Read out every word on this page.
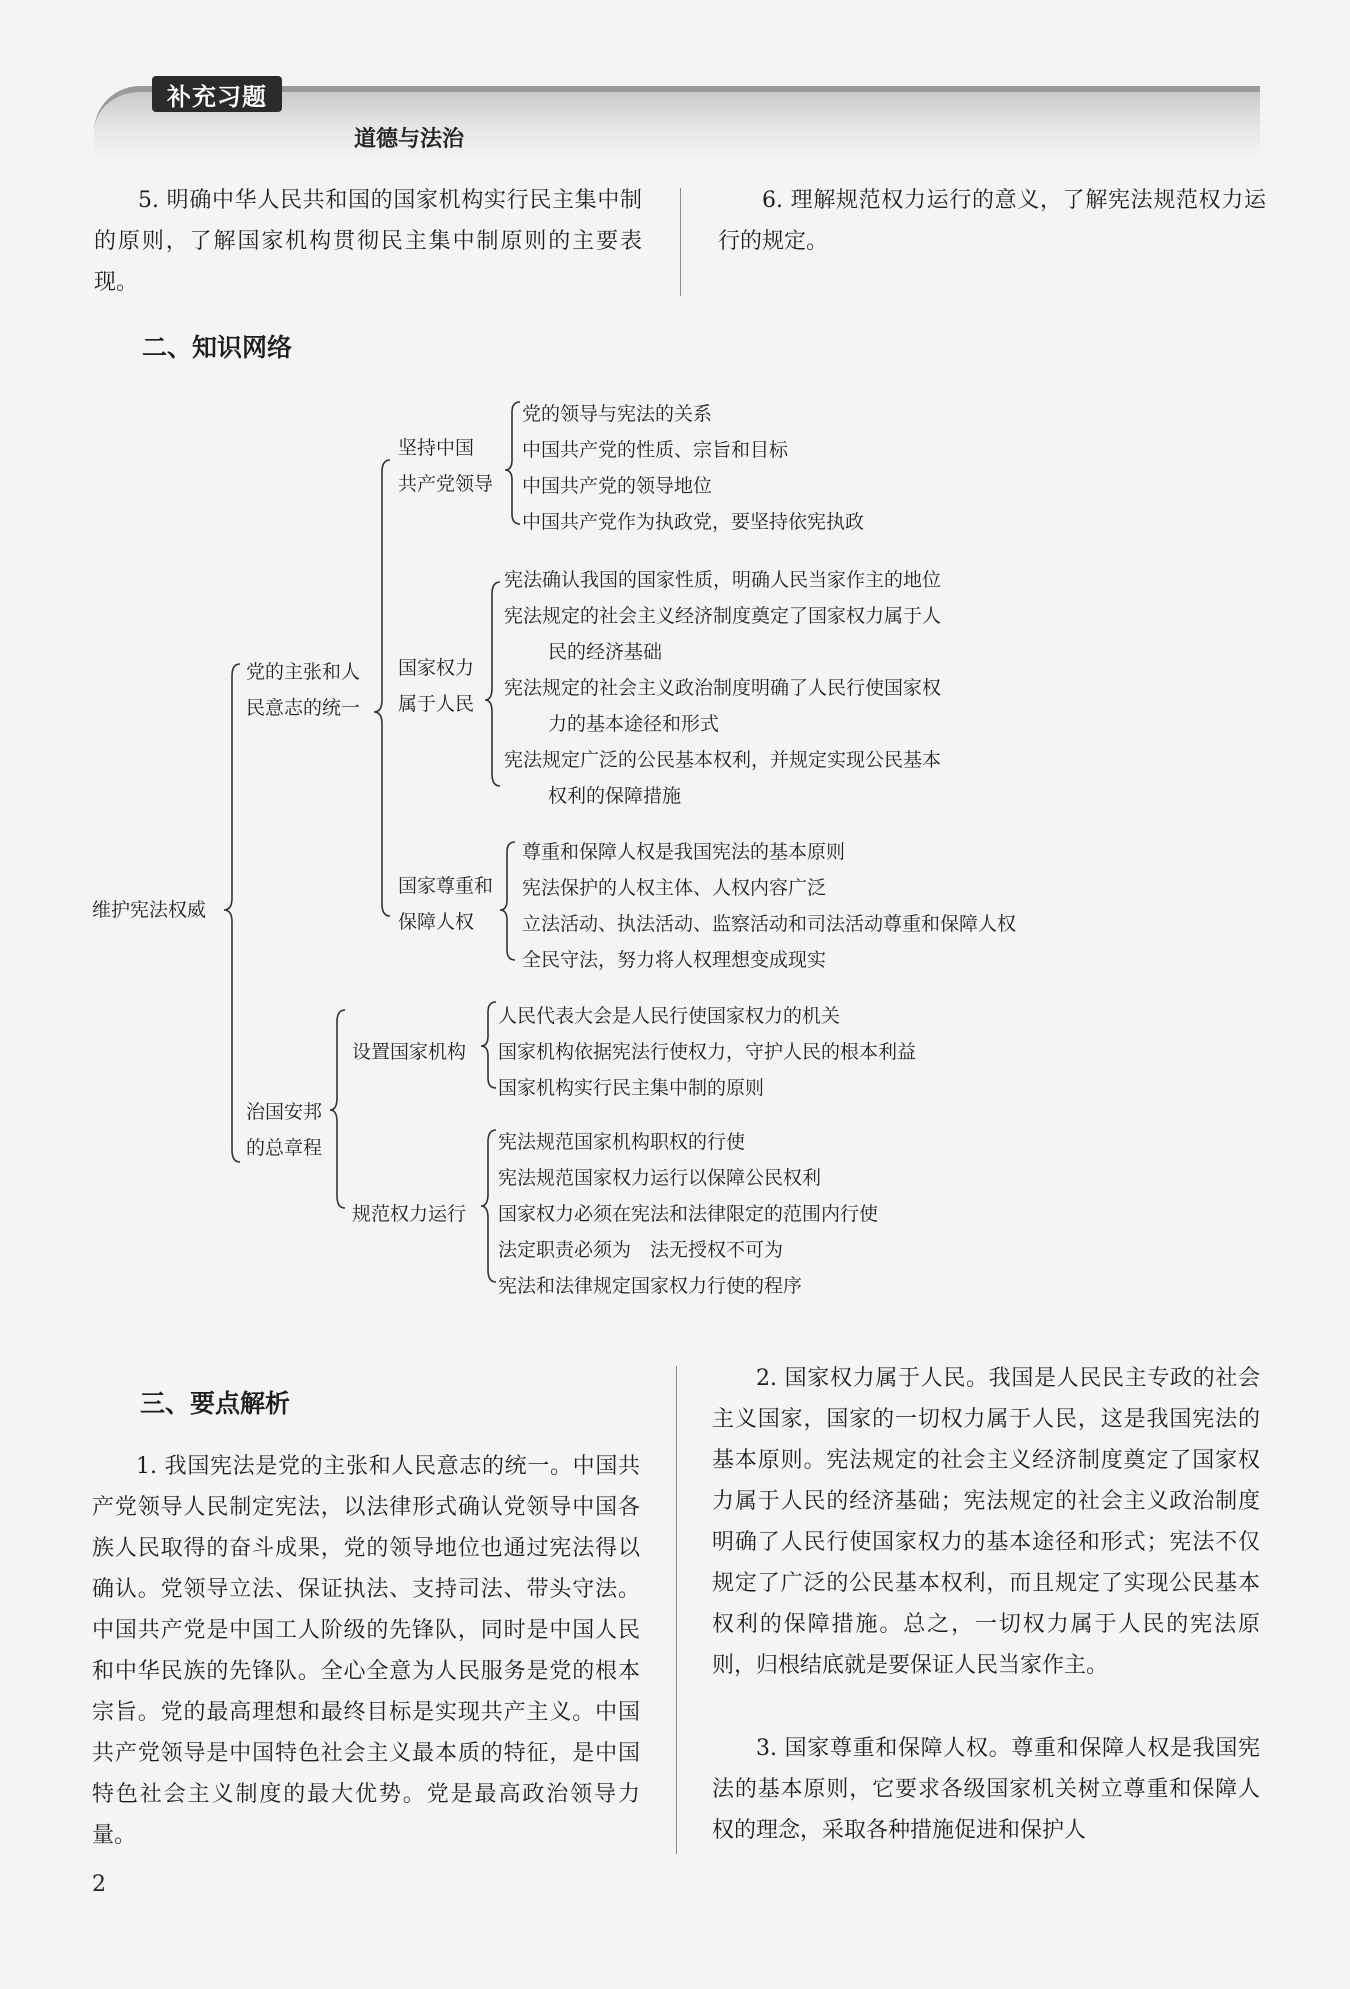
补充习题
道德与法治
5. 明确中华人民共和国的国家机构实行民主集中制的原则，了解国家机构贯彻民主集中制原则的主要表现。
6. 理解规范权力运行的意义，了解宪法规范权力运行的规定。
二、知识网络
维护宪法权威
党的主张和人
民意志的统一
坚持中国
共产党领导
党的领导与宪法的关系
中国共产党的性质、宗旨和目标
中国共产党的领导地位
中国共产党作为执政党，要坚持依宪执政
国家权力
属于人民
宪法确认我国的国家性质，明确人民当家作主的地位
宪法规定的社会主义经济制度奠定了国家权力属于人
民的经济基础
宪法规定的社会主义政治制度明确了人民行使国家权
力的基本途径和形式
宪法规定广泛的公民基本权利，并规定实现公民基本
权利的保障措施
国家尊重和
保障人权
尊重和保障人权是我国宪法的基本原则
宪法保护的人权主体、人权内容广泛
立法活动、执法活动、监察活动和司法活动尊重和保障人权
全民守法，努力将人权理想变成现实
治国安邦
的总章程
设置国家机构
人民代表大会是人民行使国家权力的机关
国家机构依据宪法行使权力，守护人民的根本利益
国家机构实行民主集中制的原则
规范权力运行
宪法规范国家机构职权的行使
宪法规范国家权力运行以保障公民权利
国家权力必须在宪法和法律限定的范围内行使
法定职责必须为　法无授权不可为
宪法和法律规定国家权力行使的程序
三、要点解析
1. 我国宪法是党的主张和人民意志的统一。中国共产党领导人民制定宪法，以法律形式确认党领导中国各族人民取得的奋斗成果，党的领导地位也通过宪法得以确认。党领导立法、保证执法、支持司法、带头守法。中国共产党是中国工人阶级的先锋队，同时是中国人民和中华民族的先锋队。全心全意为人民服务是党的根本宗旨。党的最高理想和最终目标是实现共产主义。中国共产党领导是中国特色社会主义最本质的特征，是中国特色社会主义制度的最大优势。党是最高政治领导力量。
2. 国家权力属于人民。我国是人民民主专政的社会主义国家，国家的一切权力属于人民，这是我国宪法的基本原则。宪法规定的社会主义经济制度奠定了国家权力属于人民的经济基础；宪法规定的社会主义政治制度明确了人民行使国家权力的基本途径和形式；宪法不仅规定了广泛的公民基本权利，而且规定了实现公民基本权利的保障措施。总之，一切权力属于人民的宪法原则，归根结底就是要保证人民当家作主。
3. 国家尊重和保障人权。尊重和保障人权是我国宪法的基本原则，它要求各级国家机关树立尊重和保障人权的理念，采取各种措施促进和保护人
2
